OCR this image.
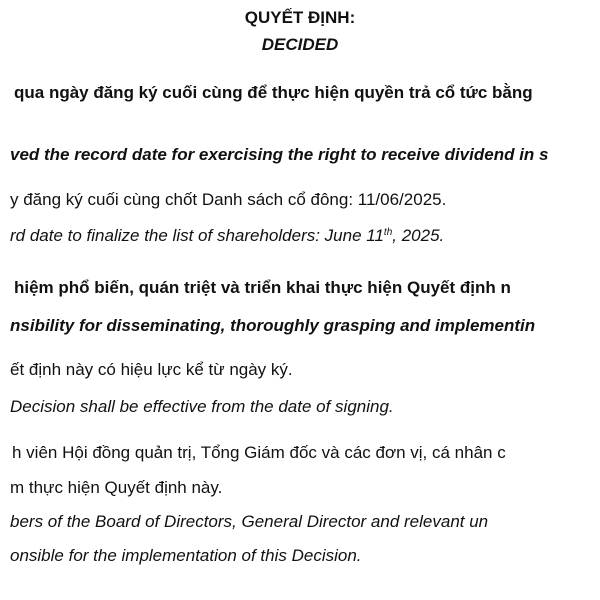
QUYẾT ĐỊNH:
DECIDED
qua ngày đăng ký cuối cùng để thực hiện quyền trả cổ tức bằng
ved the record date for exercising the right to receive dividend in s
y đăng ký cuối cùng chốt Danh sách cổ đông: 11/06/2025.
rd date to finalize the list of shareholders: June 11th, 2025.
hiệm phổ biến, quán triệt và triển khai thực hiện Quyết định n
nsibility for disseminating, thoroughly grasping and implementin
ết định này có hiệu lực kể từ ngày ký.
Decision shall be effective from the date of signing.
h viên Hội đồng quản trị, Tổng Giám đốc và các đơn vị, cá nhân c
m thực hiện Quyết định này.
bers of the Board of Directors, General Director and relevant un
onsible for the implementation of this Decision.
